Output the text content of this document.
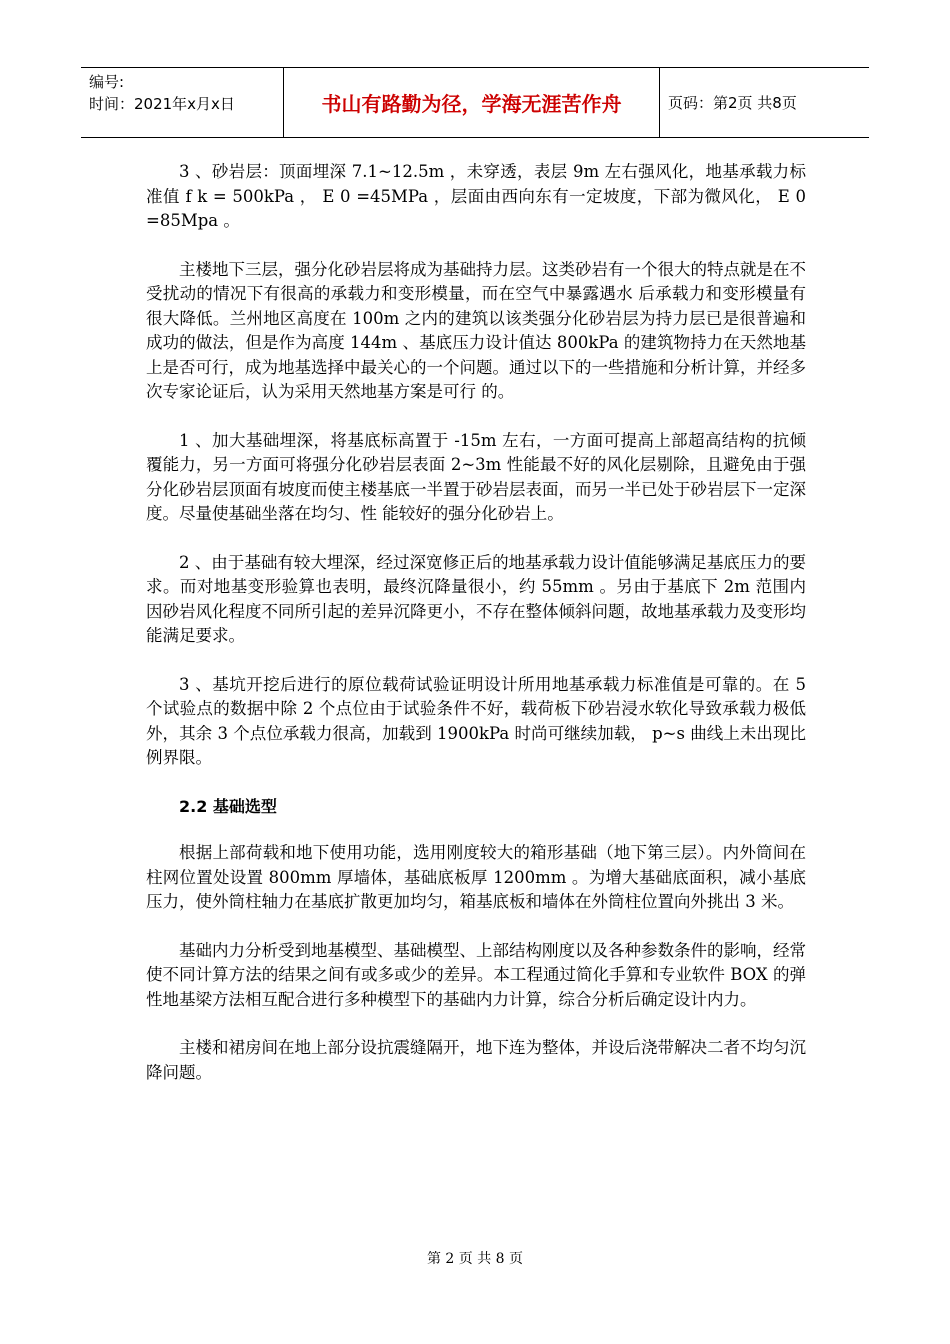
编号:
时间：2021年x月x日	书山有路勤为径，学海无涯苦作舟	页码：第2页 共8页

3 、砂岩层：顶面埋深 7.1~12.5m ，未穿透，表层 9m 左右强风化，地基承载力标准值 f k = 500kPa ， E 0 =45MPa ，层面由西向东有一定坡度，下部为微风化， E 0 =85Mpa 。

主楼地下三层，强分化砂岩层将成为基础持力层。这类砂岩有一个很大的特点就是在不受扰动的情况下有很高的承载力和变形模量，而在空气中暴露遇水 后承载力和变形模量有很大降低。兰州地区高度在 100m 之内的建筑以该类强分化砂岩层为持力层已是很普遍和成功的做法，但是作为高度 144m 、基底压力设计值达 800kPa 的建筑物持力在天然地基上是否可行，成为地基选择中最关心的一个问题。通过以下的一些措施和分析计算，并经多次专家论证后，认为采用天然地基方案是可行 的。

1 、加大基础埋深，将基底标高置于 -15m 左右，一方面可提高上部超高结构的抗倾覆能力，另一方面可将强分化砂岩层表面 2~3m 性能最不好的风化层剔除，且避免由于强分化砂岩层顶面有坡度而使主楼基底一半置于砂岩层表面，而另一半已处于砂岩层下一定深度。尽量使基础坐落在均匀、性 能较好的强分化砂岩上。

2 、由于基础有较大埋深，经过深宽修正后的地基承载力设计值能够满足基底压力的要求。而对地基变形验算也表明，最终沉降量很小，约 55mm 。另由于基底下 2m 范围内因砂岩风化程度不同所引起的差异沉降更小，不存在整体倾斜问题，故地基承载力及变形均能满足要求。

3 、基坑开挖后进行的原位载荷试验证明设计所用地基承载力标准值是可靠的。在 5 个试验点的数据中除 2 个点位由于试验条件不好，载荷板下砂岩浸水软化导致承载力极低外，其余 3 个点位承载力很高，加载到 1900kPa 时尚可继续加载， p~s 曲线上未出现比例界限。

2.2 基础选型

根据上部荷载和地下使用功能，选用刚度较大的箱形基础（地下第三层）。内外筒间在柱网位置处设置 800mm 厚墙体，基础底板厚 1200mm 。为增大基础底面积，减小基底压力，使外筒柱轴力在基底扩散更加均匀，箱基底板和墙体在外筒柱位置向外挑出 3 米。

基础内力分析受到地基模型、基础模型、上部结构刚度以及各种参数条件的影响，经常使不同计算方法的结果之间有或多或少的差异。本工程通过简化手算和专业软件 BOX 的弹性地基梁方法相互配合进行多种模型下的基础内力计算，综合分析后确定设计内力。

主楼和裙房间在地上部分设抗震缝隔开，地下连为整体，并设后浇带解决二者不均匀沉降问题。

第 2 页 共 8 页
